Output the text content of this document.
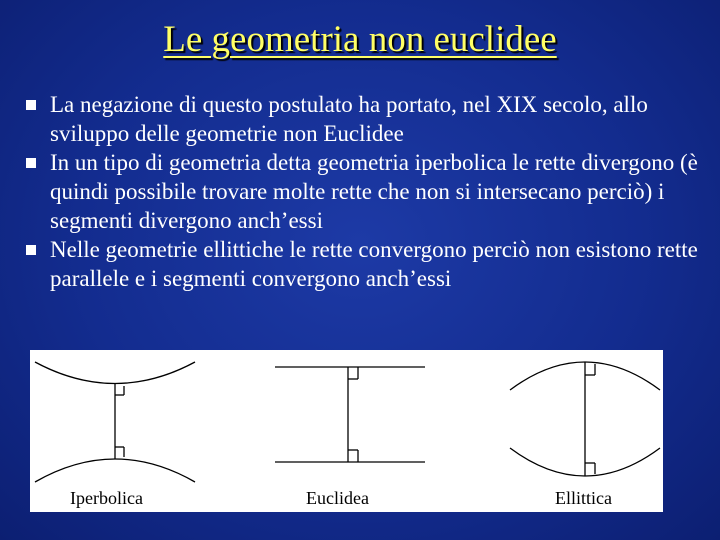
Le geometria non euclidee
La negazione di questo postulato ha portato, nel XIX secolo, allo sviluppo delle geometrie non Euclidee
In un tipo di geometria detta geometria iperbolica le rette divergono (è quindi possibile trovare molte rette che non si intersecano perciò) i segmenti divergono anch’essi
Nelle geometrie ellittiche le rette convergono perciò non esistono rette parallele e i segmenti convergono anch’essi
Iperbolica	Euclidea	Ellittica
